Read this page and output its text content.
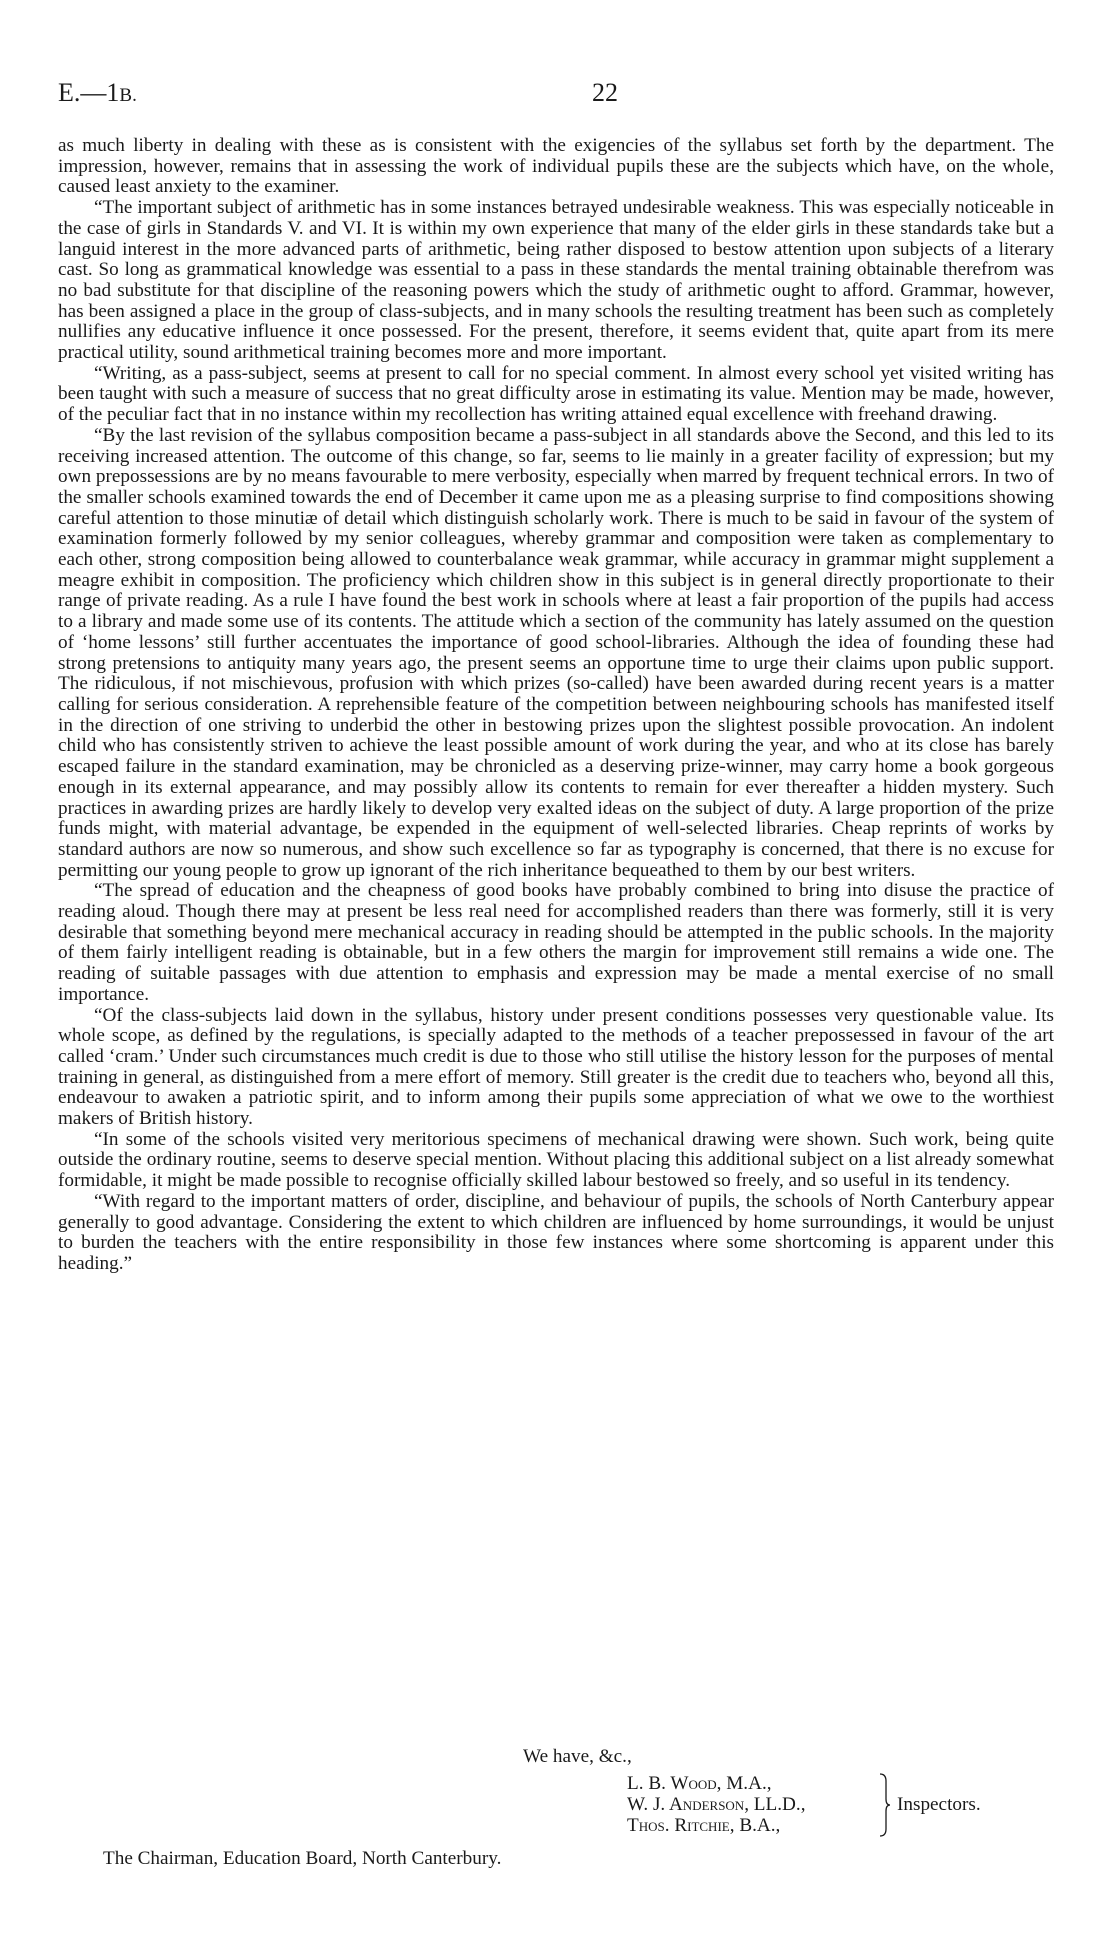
E.—1B.	22

as much liberty in dealing with these as is consistent with the exigencies of the syllabus set forth by the department. The impression, however, remains that in assessing the work of individual pupils these are the subjects which have, on the whole, caused least anxiety to the examiner.

“The important subject of arithmetic has in some instances betrayed undesirable weakness. This was especially noticeable in the case of girls in Standards V. and VI. It is within my own experience that many of the elder girls in these standards take but a languid interest in the more advanced parts of arithmetic, being rather disposed to bestow attention upon subjects of a literary cast. So long as grammatical knowledge was essential to a pass in these standards the mental training obtainable therefrom was no bad substitute for that discipline of the reasoning powers which the study of arithmetic ought to afford. Grammar, however, has been assigned a place in the group of class-subjects, and in many schools the resulting treatment has been such as completely nullifies any educative influence it once possessed. For the present, therefore, it seems evident that, quite apart from its mere practical utility, sound arithmetical training becomes more and more important.

“Writing, as a pass-subject, seems at present to call for no special comment. In almost every school yet visited writing has been taught with such a measure of success that no great difficulty arose in estimating its value. Mention may be made, however, of the peculiar fact that in no instance within my recollection has writing attained equal excellence with freehand drawing.

“By the last revision of the syllabus composition became a pass-subject in all standards above the Second, and this led to its receiving increased attention. The outcome of this change, so far, seems to lie mainly in a greater facility of expression; but my own prepossessions are by no means favourable to mere verbosity, especially when marred by frequent technical errors. In two of the smaller schools examined towards the end of December it came upon me as a pleasing surprise to find compositions showing careful attention to those minutiæ of detail which distinguish scholarly work. There is much to be said in favour of the system of examination formerly followed by my senior colleagues, whereby grammar and composition were taken as complementary to each other, strong composition being allowed to counterbalance weak grammar, while accuracy in grammar might supplement a meagre exhibit in composition. The proficiency which children show in this subject is in general directly proportionate to their range of private reading. As a rule I have found the best work in schools where at least a fair proportion of the pupils had access to a library and made some use of its contents. The attitude which a section of the community has lately assumed on the question of ‘home lessons’ still further accentuates the importance of good school-libraries. Although the idea of founding these had strong pretensions to antiquity many years ago, the present seems an opportune time to urge their claims upon public support. The ridiculous, if not mischievous, profusion with which prizes (so-called) have been awarded during recent years is a matter calling for serious consideration. A reprehensible feature of the competition between neighbouring schools has manifested itself in the direction of one striving to underbid the other in bestowing prizes upon the slightest possible provocation. An indolent child who has consistently striven to achieve the least possible amount of work during the year, and who at its close has barely escaped failure in the standard examination, may be chronicled as a deserving prize-winner, may carry home a book gorgeous enough in its external appearance, and may possibly allow its contents to remain for ever thereafter a hidden mystery. Such practices in awarding prizes are hardly likely to develop very exalted ideas on the subject of duty. A large proportion of the prize funds might, with material advantage, be expended in the equipment of well-selected libraries. Cheap reprints of works by standard authors are now so numerous, and show such excellence so far as typography is concerned, that there is no excuse for permitting our young people to grow up ignorant of the rich inheritance bequeathed to them by our best writers.

“The spread of education and the cheapness of good books have probably combined to bring into disuse the practice of reading aloud. Though there may at present be less real need for accomplished readers than there was formerly, still it is very desirable that something beyond mere mechanical accuracy in reading should be attempted in the public schools. In the majority of them fairly intelligent reading is obtainable, but in a few others the margin for improvement still remains a wide one. The reading of suitable passages with due attention to emphasis and expression may be made a mental exercise of no small importance.

“Of the class-subjects laid down in the syllabus, history under present conditions possesses very questionable value. Its whole scope, as defined by the regulations, is specially adapted to the methods of a teacher prepossessed in favour of the art called ‘cram.’ Under such circumstances much credit is due to those who still utilise the history lesson for the purposes of mental training in general, as distinguished from a mere effort of memory. Still greater is the credit due to teachers who, beyond all this, endeavour to awaken a patriotic spirit, and to inform among their pupils some appreciation of what we owe to the worthiest makers of British history.

“In some of the schools visited very meritorious specimens of mechanical drawing were shown. Such work, being quite outside the ordinary routine, seems to deserve special mention. Without placing this additional subject on a list already somewhat formidable, it might be made possible to recognise officially skilled labour bestowed so freely, and so useful in its tendency.

“With regard to the important matters of order, discipline, and behaviour of pupils, the schools of North Canterbury appear generally to good advantage. Considering the extent to which children are influenced by home surroundings, it would be unjust to burden the teachers with the entire responsibility in those few instances where some shortcoming is apparent under this heading.”

We have, &c.,
L. B. Wood, M.A.,
W. J. Anderson, LL.D.,
Thos. Ritchie, B.A.,
Inspectors.
The Chairman, Education Board, North Canterbury.
